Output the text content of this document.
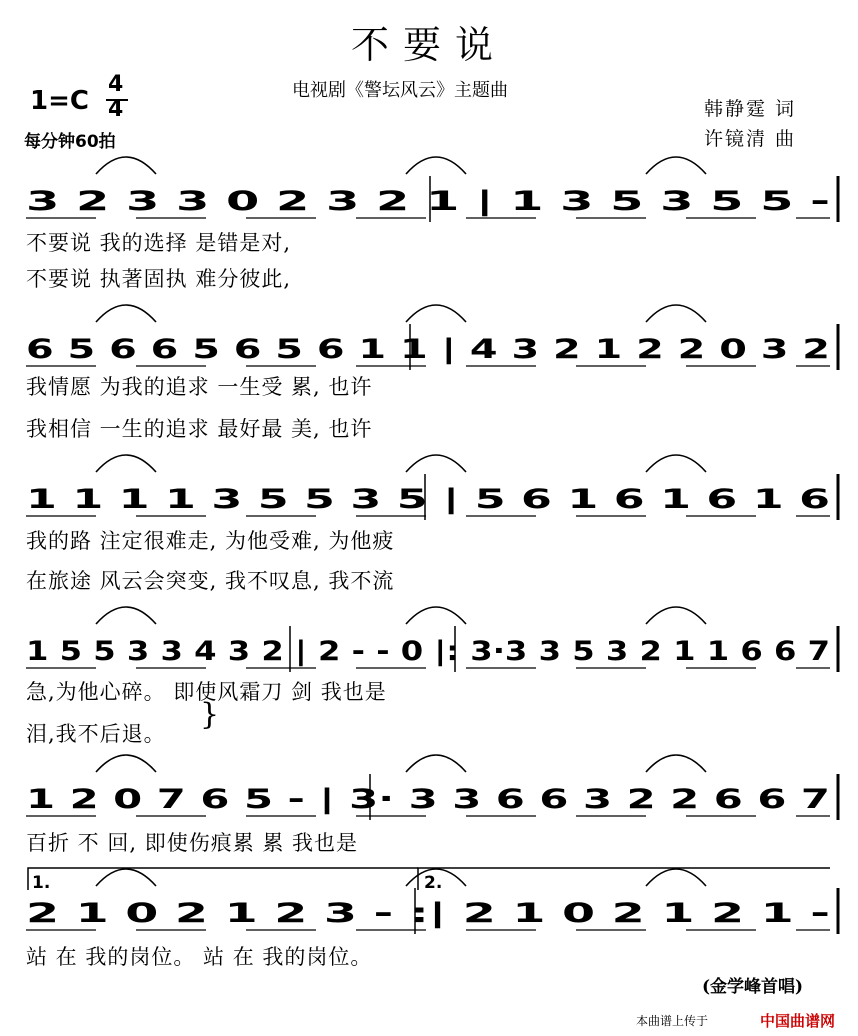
不要说
电视剧《警坛风云》主题曲
1=C
4
4
每分钟60拍
韩静霆 词
许镜清 曲
3 2 3 3 0 2 3 2 1 | 1 3 5 3 5 5 -
不要说 我的选择 是错是对,
不要说 执著固执 难分彼此,
6 5 6 6 5 6 5 6 1 1 | 4 3 2 1 2 2 0 3 2
我情愿 为我的追求 一生受 累, 也许
我相信 一生的追求 最好最 美, 也许
1 1 1 1 3 5 5 3 5 | 5 6 1 6 1 6 1 6
我的路 注定很难走, 为他受难, 为他疲
在旅途 风云会突变, 我不叹息, 我不流
1 5 5 3 3 4 3 2 | 2 - - 0 |: 3·3 3 5 3 2 1 1 6 6 7
急,为他心碎。 即使风霜刀 剑 我也是
泪,我不后退。
1 2 0 7 6 5 - | 3· 3 3 6 6 3 2 2 6 6 7
百折 不 回, 即使伤痕累 累 我也是
2 1 0 2 1 2 3 - :| 2 1 0 2 1 2 1 -
站 在 我的岗位。 站 在 我的岗位。
}
1.	2.
(金学峰首唱)
本曲谱上传于	中国曲谱网
